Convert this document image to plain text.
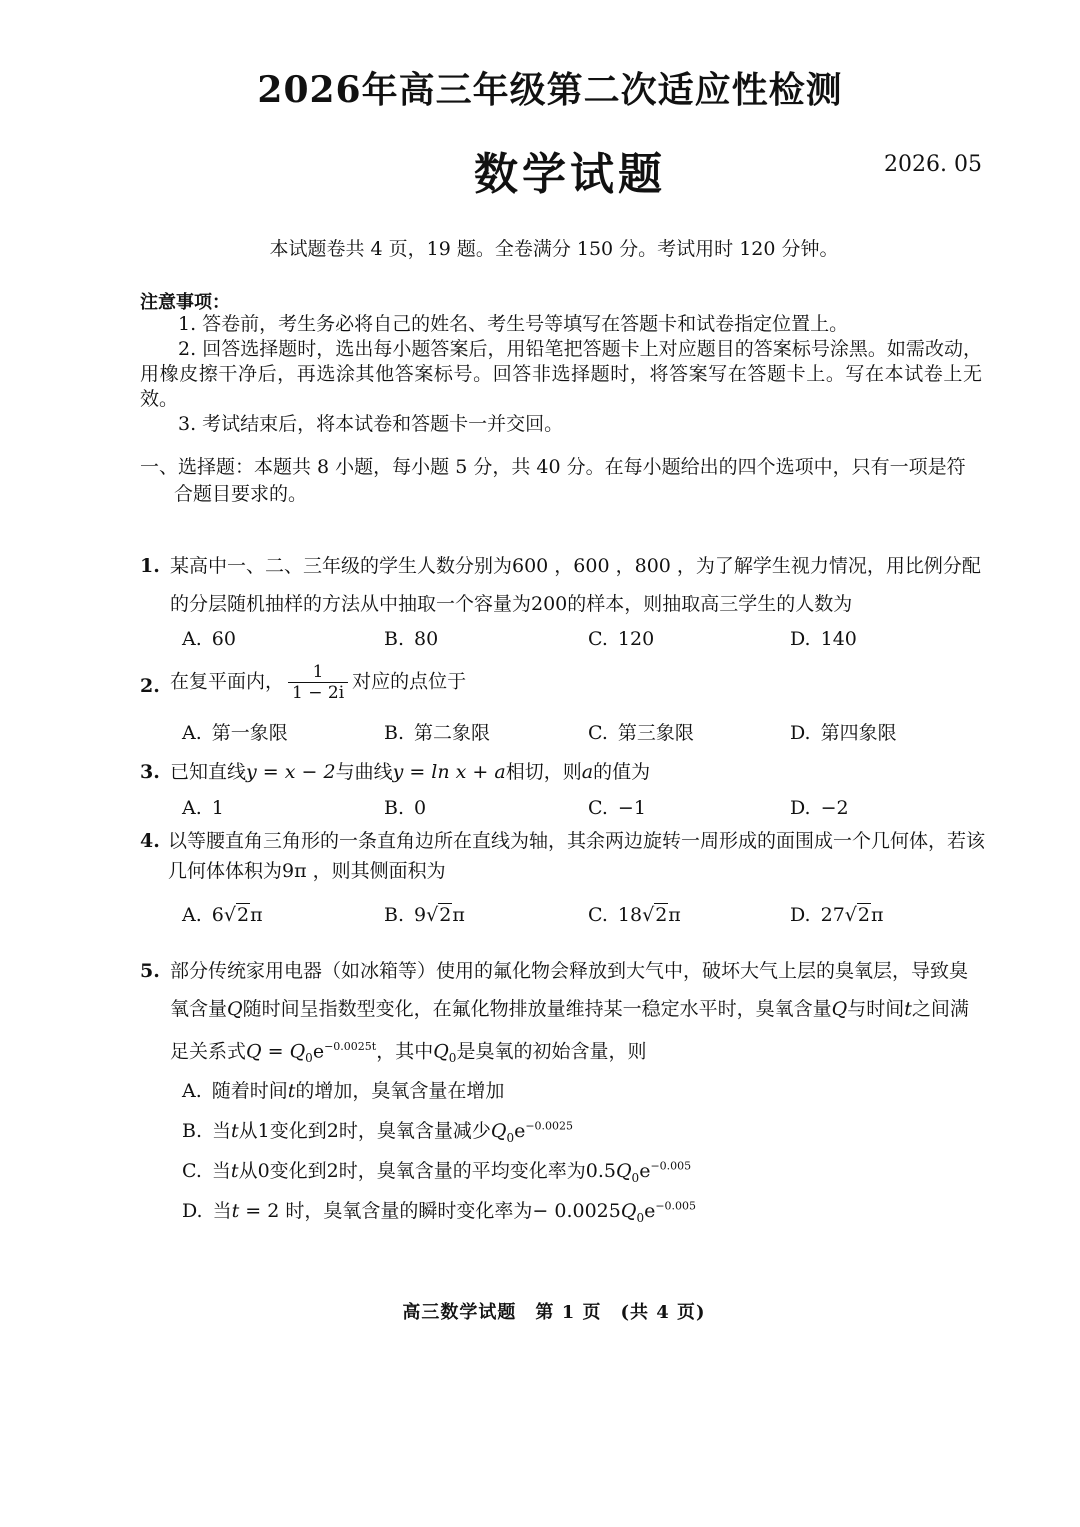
2026年高三年级第二次适应性检测
数学试题	2026. 05
本试题卷共 4 页，19 题。全卷满分 150 分。考试用时 120 分钟。
注意事项：
1. 答卷前，考生务必将自己的姓名、考生号等填写在答题卡和试卷指定位置上。
2. 回答选择题时，选出每小题答案后，用铅笔把答题卡上对应题目的答案标号涂黑。如需改动，用橡皮擦干净后，再选涂其他答案标号。回答非选择题时，将答案写在答题卡上。写在本试卷上无效。
3. 考试结束后，将本试卷和答题卡一并交回。
一、选择题：本题共 8 小题，每小题 5 分，共 40 分。在每小题给出的四个选项中，只有一项是符合题目要求的。
1. 某高中一、二、三年级的学生人数分别为600 ，600 ，800 ，为了解学生视力情况，用比例分配的分层随机抽样的方法从中抽取一个容量为200的样本，则抽取高三学生的人数为
A. 60	B. 80	C. 120	D. 140
2. 在复平面内， $\frac{1}{1 - 2i}$ 对应的点位于
A. 第一象限	B. 第二象限	C. 第三象限	D. 第四象限
3. 已知直线y = x − 2与曲线y = ln x + a相切，则a的值为
A. 1	B. 0	C. −1	D. −2
4. 以等腰直角三角形的一条直角边所在直线为轴，其余两边旋转一周形成的面围成一个几何体，若该几何体体积为9π ，则其侧面积为
A. 6√2π	B. 9√2π	C. 18√2π	D. 27√2π
5. 部分传统家用电器（如冰箱等）使用的氟化物会释放到大气中，破坏大气上层的臭氧层，导致臭氧含量Q随时间呈指数型变化，在氟化物排放量维持某一稳定水平时，臭氧含量Q与时间t之间满足关系式$Q = Q_0e^{-0.0025t}$，其中$Q_0$是臭氧的初始含量，则
A. 随着时间t的增加，臭氧含量在增加
B. 当t从1变化到2时，臭氧含量减少$Q_0e^{-0.0025}$
C. 当t从0变化到2时，臭氧含量的平均变化率为$0.5Q_0e^{-0.005}$
D. 当t = 2 时，臭氧含量的瞬时变化率为− $0.0025Q_0e^{-0.005}$
高三数学试题　第 1 页　(共 4 页)
